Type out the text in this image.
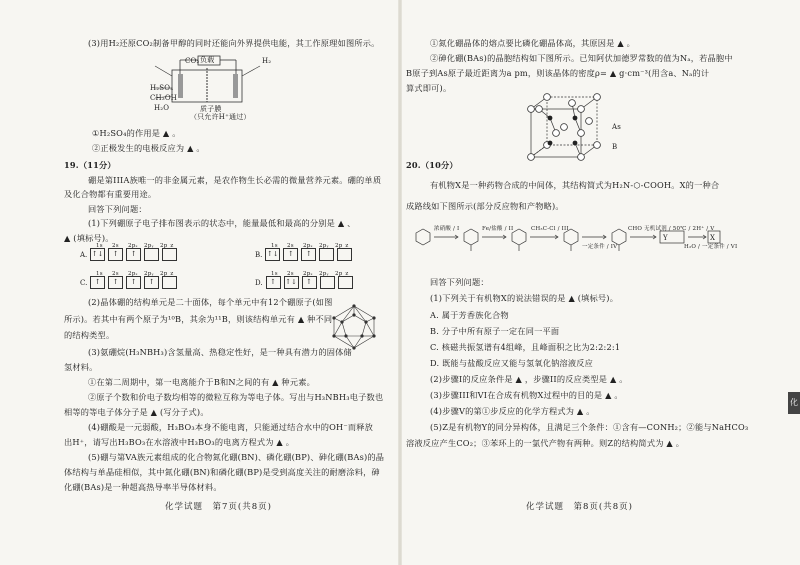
(3)用H₂还原CO₂制备甲醇的同时还能向外界提供电能，其工作原理如图所示。
CO₂ 负载	H₂
H₂SO₄
CH₃OH
H₂O	质子膜
（只允许H⁺通过）
①H₂SO₄的作用是 ▲ 。
②正极发生的电极反应为 ▲ 。
19.（11分）
硼是第IIIA族唯一的非金属元素，是农作物生长必需的微量营养元素。硼的单质
及化合物都有重要用途。
回答下列问题：
(1)下列硼原子电子排布图表示的状态中，能量最低和最高的分别是 ▲ 、
▲ (填标号)。
A. ↑↓	↑	↑
1s 2s 2pₓ 2pᵧ 2p_z
B. ↑↓	↑	↑
1s 2s 2pₓ 2pᵧ 2p_z
C.	↑	↑	↑	↑
1s 2s 2pₓ 2pᵧ 2p_z
D.	↑	↑↓	↑
1s 2s 2pₓ 2pᵧ 2p_z
(2)晶体硼的结构单元是二十面体，每个单元中有12个硼原子(如图
所示)。若其中有两个原子为¹⁰B，其余为¹¹B，则该结构单元有 ▲ 种不同
的结构类型。
(3)氨硼烷(H₃NBH₃)含氢量高、热稳定性好，是一种具有潜力的固体储
氢材料。
①在第二周期中，第一电离能介于B和N之间的有 ▲ 种元素。
②原子个数和价电子数均相等的微粒互称为等电子体。写出与H₃NBH₃电子数也
相等的等电子体分子是 ▲ (写分子式)。
(4)硼酸是一元弱酸，H₃BO₃本身不能电离，只能通过结合水中的OH⁻而释放
出H⁺，请写出H₃BO₃在水溶液中H₃BO₃的电离方程式为 ▲ 。
(5)硼与第VA族元素组成的化合物氮化硼(BN)、磷化硼(BP)、砷化硼(BAs)的晶
体结构与单晶硅相似，其中氮化硼(BN)和磷化硼(BP)是受到高度关注的耐磨涂料，砷
化硼(BAs)是一种超高热导率半导体材料。
化学试题　第7页(共8页)
①氮化硼晶体的熔点要比磷化硼晶体高，其原因是 ▲ 。
②砷化硼(BAs)的晶胞结构如下图所示。已知阿伏加德罗常数的值为Nₐ，若晶胞中
B原子到As原子最近距离为a pm，则该晶体的密度ρ= ▲ g·cm⁻³(用含a、Nₐ的计
算式即可)。
As
B
20.（10分）
有机物X是一种药物合成的中间体，其结构简式为H₂N-⬡-COOH。X的一种合
成路线如下图所示(部分反应物和产物略)。
浓硝酸 / I	Fe/盐酸 / II	CH₃C-Cl / III
一定条件 / IV
CHO 无机试剂 / 50℃ / 2H⁺ / V
H₂O / 一定条件 / VI
Y	X
回答下列问题：
(1)下列关于有机物X的说法错误的是 ▲ (填标号)。
A. 属于芳香族化合物
B. 分子中所有原子一定在同一平面
C. 核磁共振氢谱有4组峰，且峰面积之比为2:2:2:1
D. 既能与盐酸反应又能与氢氧化钠溶液反应
(2)步骤I的反应条件是 ▲ ，步骤II的反应类型是 ▲ 。
(3)步骤III和VI在合成有机物X过程中的目的是 ▲ 。
(4)步骤V的第①步反应的化学方程式为 ▲ 。
(5)Z是有机物Y的同分异构体，且满足三个条件：①含有—CONH₂；②能与NaHCO₃
溶液反应产生CO₂；③苯环上的一氯代产物有两种。则Z的结构简式为 ▲ 。
化学试题　第8页(共8页)
化
